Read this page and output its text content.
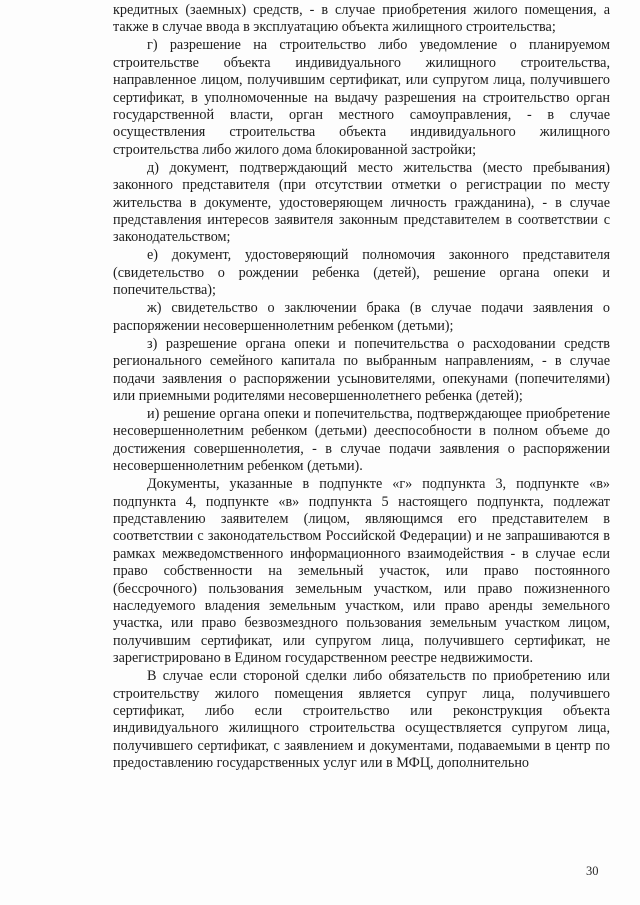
кредитных (заемных) средств, - в случае приобретения жилого помещения, а также в случае ввода в эксплуатацию объекта жилищного строительства;

г) разрешение на строительство либо уведомление о планируемом строительстве объекта индивидуального жилищного строительства, направленное лицом, получившим сертификат, или супругом лица, получившего сертификат, в уполномоченные на выдачу разрешения на строительство орган государственной власти, орган местного самоуправления, - в случае осуществления строительства объекта индивидуального жилищного строительства либо жилого дома блокированной застройки;

д) документ, подтверждающий место жительства (место пребывания) законного представителя (при отсутствии отметки о регистрации по месту жительства в документе, удостоверяющем личность гражданина), - в случае представления интересов заявителя законным представителем в соответствии с законодательством;

е) документ, удостоверяющий полномочия законного представителя (свидетельство о рождении ребенка (детей), решение органа опеки и попечительства);

ж) свидетельство о заключении брака (в случае подачи заявления о распоряжении несовершеннолетним ребенком (детьми);

з) разрешение органа опеки и попечительства о расходовании средств регионального семейного капитала по выбранным направлениям, - в случае подачи заявления о распоряжении усыновителями, опекунами (попечителями) или приемными родителями несовершеннолетнего ребенка (детей);

и) решение органа опеки и попечительства, подтверждающее приобретение несовершеннолетним ребенком (детьми) дееспособности в полном объеме до достижения совершеннолетия, - в случае подачи заявления о распоряжении несовершеннолетним ребенком (детьми).

Документы, указанные в подпункте «г» подпункта 3, подпункте «в» подпункта 4, подпункте «в» подпункта 5 настоящего подпункта, подлежат представлению заявителем (лицом, являющимся его представителем в соответствии с законодательством Российской Федерации) и не запрашиваются в рамках межведомственного информационного взаимодействия - в случае если право собственности на земельный участок, или право постоянного (бессрочного) пользования земельным участком, или право пожизненного наследуемого владения земельным участком, или право аренды земельного участка, или право безвозмездного пользования земельным участком лицом, получившим сертификат, или супругом лица, получившего сертификат, не зарегистрировано в Едином государственном реестре недвижимости.

В случае если стороной сделки либо обязательств по приобретению или строительству жилого помещения является супруг лица, получившего сертификат, либо если строительство или реконструкция объекта индивидуального жилищного строительства осуществляется супругом лица, получившего сертификат, с заявлением и документами, подаваемыми в центр по предоставлению государственных услуг или в МФЦ, дополнительно

30
